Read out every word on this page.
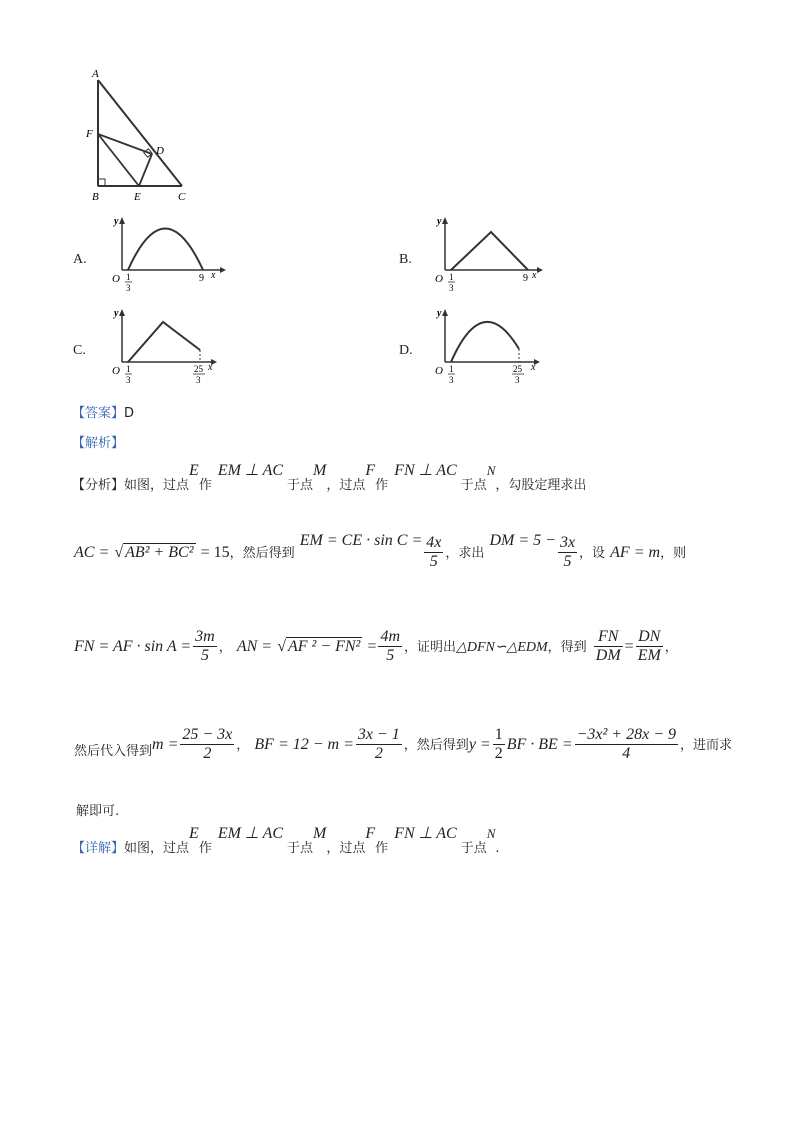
A
F
D
B	E	C
A.
y
O 1
3
9 x
B.
y
O 1
3
9 x
C.
y
O 1
3
25
3
x
D.
y
O 1
3
25
3
x
【答案】D
【解析】
$_{【分析】如图,过点}E_作EM$ ⊥ $AC_{于点}M_{,过点}F_作FN$ ⊥ $AC_{于点}N_{,勾股定理求出}$
AC = √ AB² + BC² = 15，然后得到 EM = CE · $\sin C = \frac{4x}{5}$ ，求出 DM = $5 - \frac{3x}{5}$ ，设 AF = m，则
FN = AF · $\sin A = \frac{3m}{5}$ ， AN = √ AF $^2 - FN^2 = \frac{4m}{5}$ ，证明出△DFN∽△EDM，得到 $\frac{FN}{DM} = \frac{DN}{EM}$ ，
$_{然后代入得到}m = \frac{25 - 3x}{2}$ ， BF = $12 - m = \frac{3x - 1}{2}$ ，然后得到$y = \frac{1}{2}$ BF · BE = $\frac{\text{−3x² + 28x − 9}}{4}$ ，进而求
解即可.
$_{【详解】如图,过点}E_作EM$ ⊥ $AC_{于点}M_{,过点}F_作FN$ ⊥ $AC_{于点}N_.$
